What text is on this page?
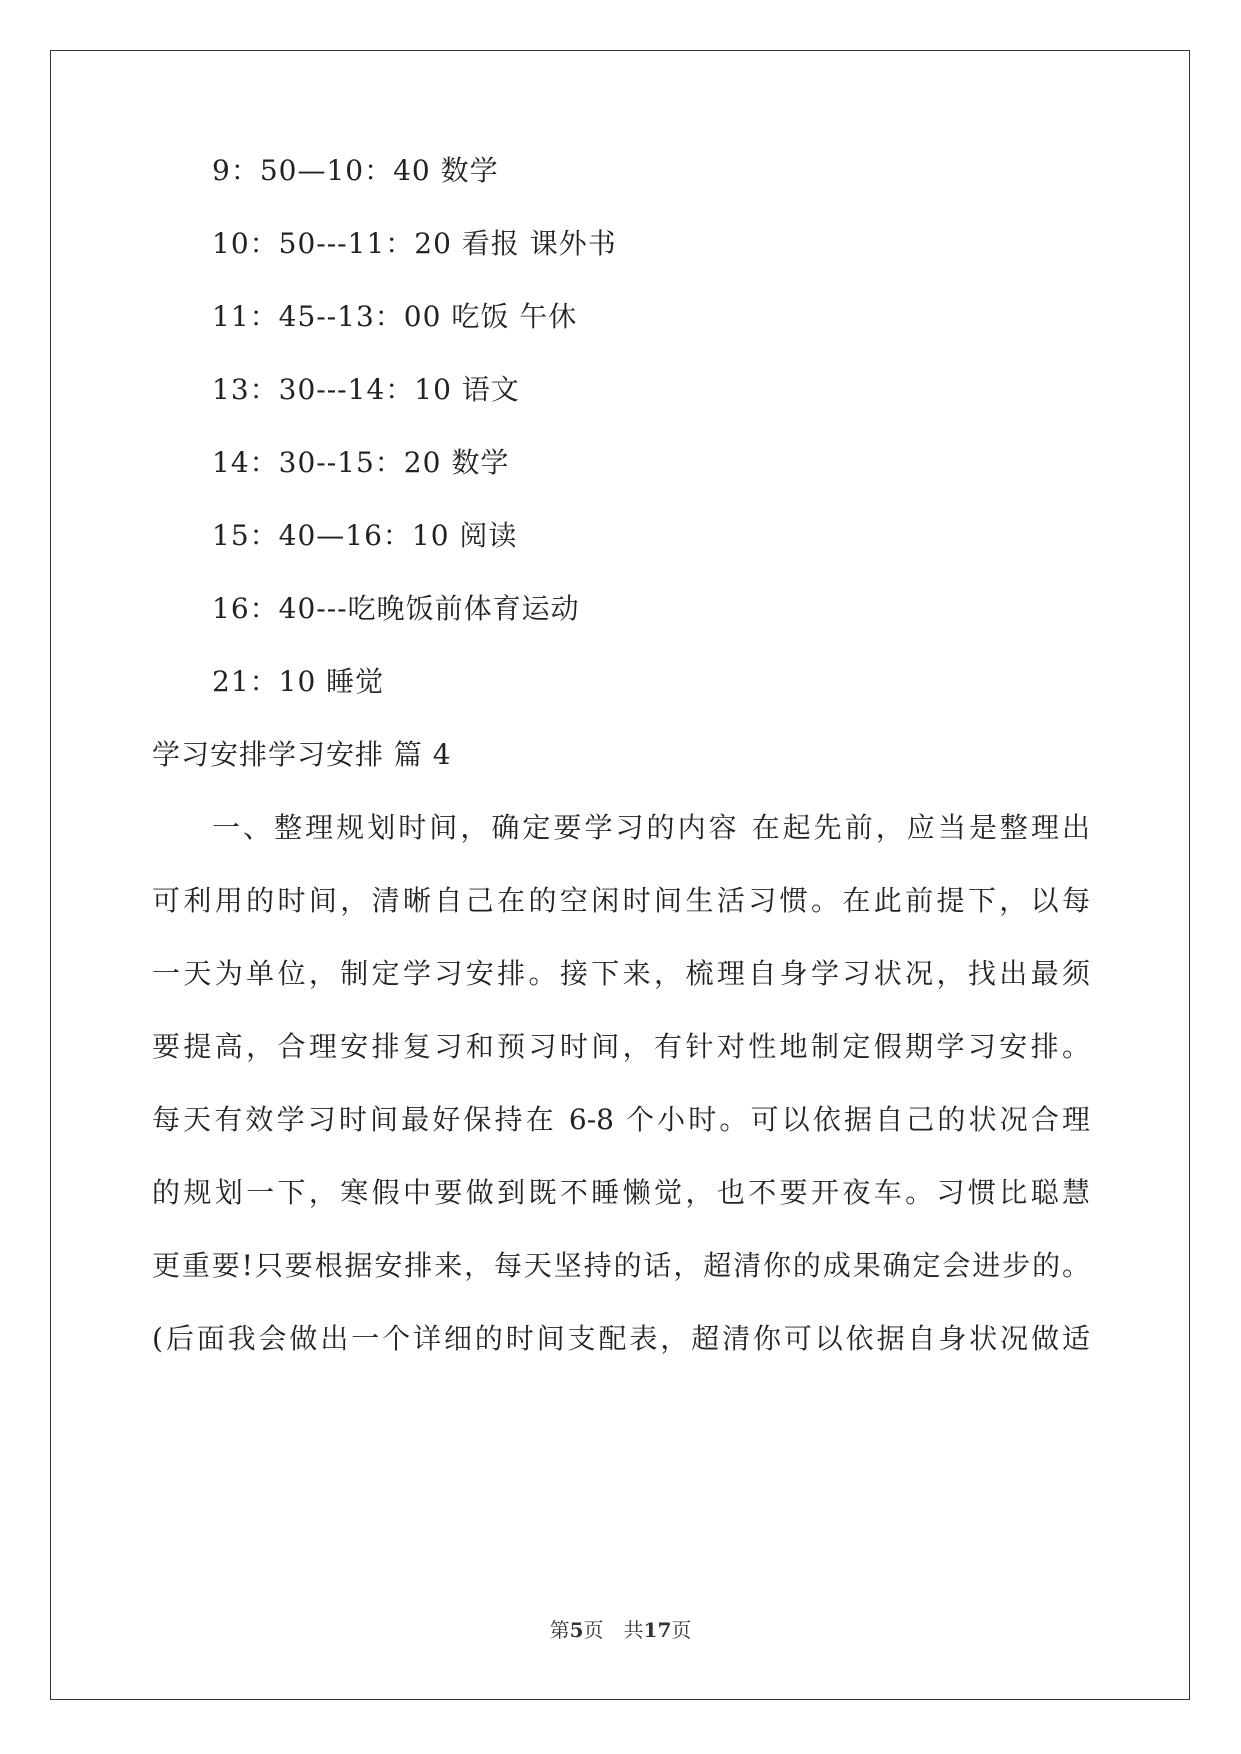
9：50—10：40 数学
10：50---11：20 看报 课外书
11：45--13：00 吃饭 午休
13：30---14：10 语文
14：30--15：20 数学
15：40—16：10 阅读
16：40---吃晚饭前体育运动
21：10 睡觉
学习安排学习安排 篇 4
一、整理规划时间，确定要学习的内容 在起先前，应当是整理出
可利用的时间，清晰自己在的空闲时间生活习惯。在此前提下，以每
一天为单位，制定学习安排。接下来，梳理自身学习状况，找出最须
要提高，合理安排复习和预习时间，有针对性地制定假期学习安排。
每天有效学习时间最好保持在 6-8 个小时。可以依据自己的状况合理
的规划一下，寒假中要做到既不睡懒觉，也不要开夜车。习惯比聪慧
更重要!只要根据安排来，每天坚持的话，超清你的成果确定会进步的。
(后面我会做出一个详细的时间支配表，超清你可以依据自身状况做适
第5页　共17页
